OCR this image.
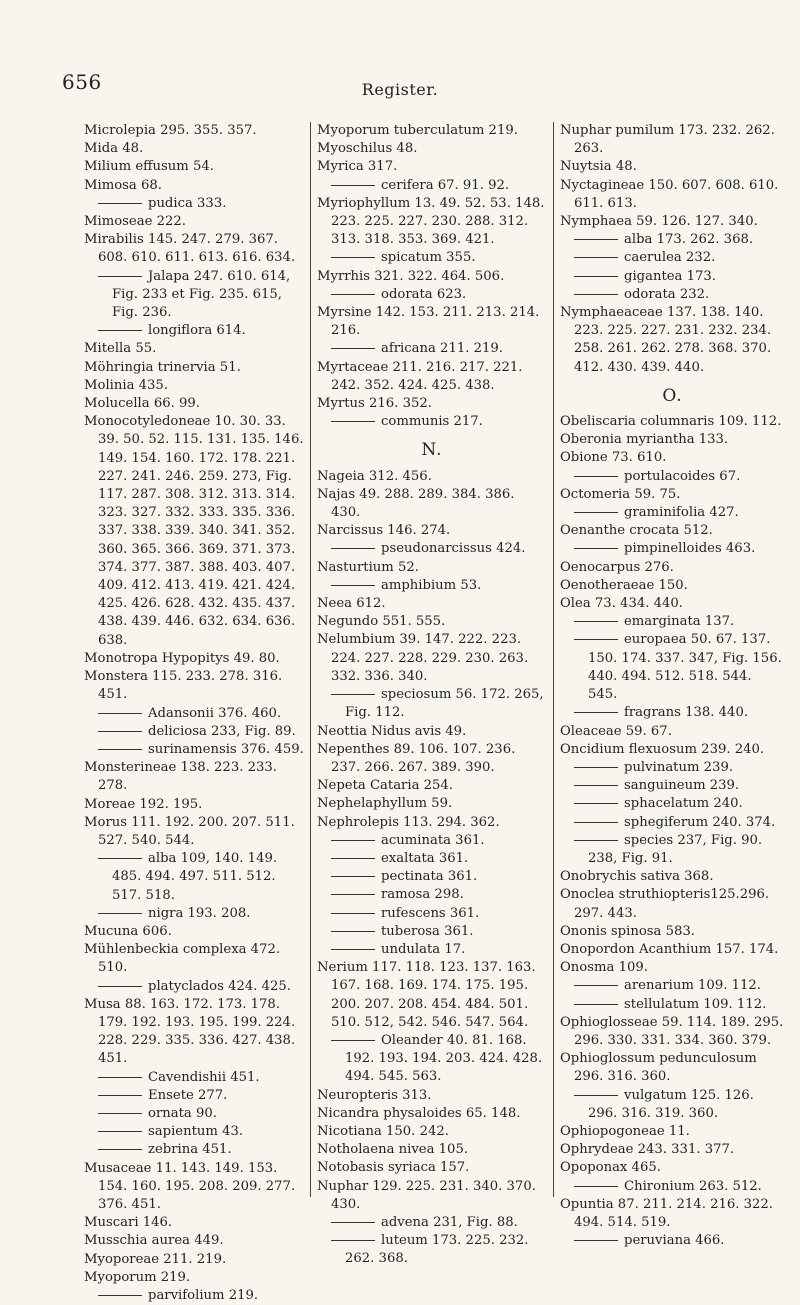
656	Register.
Microlepia 295. 355. 357.
Mida 48.
Milium effusum 54.
Mimosa 68.
pudica 333.
Mimoseae 222.
Mirabilis 145. 247. 279. 367. 608. 610. 611. 613. 616. 634.
Jalapa 247. 610. 614, Fig. 233 et Fig. 235. 615, Fig. 236.
longiflora 614.
Mitella 55.
Möhringia trinervia 51.
Molinia 435.
Molucella 66. 99.
Monocotyledoneae 10. 30. 33. 39. 50. 52. 115. 131. 135. 146. 149. 154. 160. 172. 178. 221. 227. 241. 246. 259. 273, Fig. 117. 287. 308. 312. 313. 314. 323. 327. 332. 333. 335. 336. 337. 338. 339. 340. 341. 352. 360. 365. 366. 369. 371. 373. 374. 377. 387. 388. 403. 407. 409. 412. 413. 419. 421. 424. 425. 426. 628. 432. 435. 437. 438. 439. 446. 632. 634. 636. 638.
Monotropa Hypopitys 49. 80.
Monstera 115. 233. 278. 316. 451.
Adansonii 376. 460.
deliciosa 233, Fig. 89.
surinamensis 376. 459.
Monsterineae 138. 223. 233. 278.
Moreae 192. 195.
Morus 111. 192. 200. 207. 511. 527. 540. 544.
alba 109, 140. 149. 485. 494. 497. 511. 512. 517. 518.
nigra 193. 208.
Mucuna 606.
Mühlenbeckia complexa 472. 510.
platyclados 424. 425.
Musa 88. 163. 172. 173. 178. 179. 192. 193. 195. 199. 224. 228. 229. 335. 336. 427. 438. 451.
Cavendishii 451.
Ensete 277.
ornata 90.
sapientum 43.
zebrina 451.
Musaceae 11. 143. 149. 153. 154. 160. 195. 208. 209. 277. 376. 451.
Muscari 146.
Musschia aurea 449.
Myoporeae 211. 219.
Myoporum 219.
parvifolium 219.
Myoporum tuberculatum 219.
Myoschilus 48.
Myrica 317.
cerifera 67. 91. 92.
Myriophyllum 13. 49. 52. 53. 148. 223. 225. 227. 230. 288. 312. 313. 318. 353. 369. 421.
spicatum 355.
Myrrhis 321. 322. 464. 506.
odorata 623.
Myrsine 142. 153. 211. 213. 214. 216.
africana 211. 219.
Myrtaceae 211. 216. 217. 221. 242. 352. 424. 425. 438.
Myrtus 216. 352.
communis 217.
N.
Nageia 312. 456.
Najas 49. 288. 289. 384. 386. 430.
Narcissus 146. 274.
pseudonarcissus 424.
Nasturtium 52.
amphibium 53.
Neea 612.
Negundo 551. 555.
Nelumbium 39. 147. 222. 223. 224. 227. 228. 229. 230. 263. 332. 336. 340.
speciosum 56. 172. 265, Fig. 112.
Neottia Nidus avis 49.
Nepenthes 89. 106. 107. 236. 237. 266. 267. 389. 390.
Nepeta Cataria 254.
Nephelaphyllum 59.
Nephrolepis 113. 294. 362.
acuminata 361.
exaltata 361.
pectinata 361.
ramosa 298.
rufescens 361.
tuberosa 361.
undulata 17.
Nerium 117. 118. 123. 137. 163. 167. 168. 169. 174. 175. 195. 200. 207. 208. 454. 484. 501. 510. 512, 542. 546. 547. 564.
Oleander 40. 81. 168. 192. 193. 194. 203. 424. 428. 494. 545. 563.
Neuropteris 313.
Nicandra physaloides 65. 148.
Nicotiana 150. 242.
Notholaena nivea 105.
Notobasis syriaca 157.
Nuphar 129. 225. 231. 340. 370. 430.
advena 231, Fig. 88.
luteum 173. 225. 232. 262. 368.
Nuphar pumilum 173. 232. 262. 263.
Nuytsia 48.
Nyctagineae 150. 607. 608. 610. 611. 613.
Nymphaea 59. 126. 127. 340.
alba 173. 262. 368.
caerulea 232.
gigantea 173.
odorata 232.
Nymphaeaceae 137. 138. 140. 223. 225. 227. 231. 232. 234. 258. 261. 262. 278. 368. 370. 412. 430. 439. 440.
O.
Obeliscaria columnaris 109. 112.
Oberonia myriantha 133.
Obione 73. 610.
portulacoides 67.
Octomeria 59. 75.
graminifolia 427.
Oenanthe crocata 512.
pimpinelloides 463.
Oenocarpus 276.
Oenotheraeae 150.
Olea 73. 434. 440.
emarginata 137.
europaea 50. 67. 137. 150. 174. 337. 347, Fig. 156. 440. 494. 512. 518. 544. 545.
fragrans 138. 440.
Oleaceae 59. 67.
Oncidium flexuosum 239. 240.
pulvinatum 239.
sanguineum 239.
sphacelatum 240.
sphegiferum 240. 374.
species 237, Fig. 90. 238, Fig. 91.
Onobrychis sativa 368.
Onoclea struthiopteris125.296. 297. 443.
Ononis spinosa 583.
Onopordon Acanthium 157. 174.
Onosma 109.
arenarium 109. 112.
stellulatum 109. 112.
Ophioglosseae 59. 114. 189. 295. 296. 330. 331. 334. 360. 379.
Ophioglossum pedunculosum 296. 316. 360.
vulgatum 125. 126. 296. 316. 319. 360.
Ophiopogoneae 11.
Ophrydeae 243. 331. 377.
Opoponax 465.
Chironium 263. 512.
Opuntia 87. 211. 214. 216. 322. 494. 514. 519.
peruviana 466.
